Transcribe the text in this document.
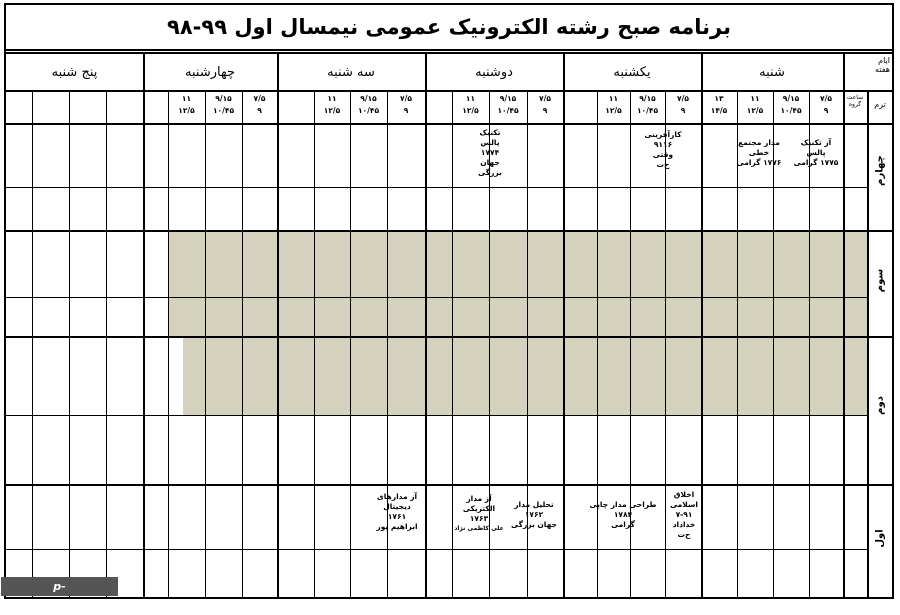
برنامه صبح رشته الکترونیک عمومی نیمسال اول ۹۹-۹۸
ایام
هفته
ساعت
گروه	ترم
شنبه
یکشنبه
دوشنبه
سه شنبه
چهارشنبه
پنج شنبه
۷/۵
۹
۹/۱۵
۱۰/۴۵
۱۱
۱۲/۵
۱۳
۱۴/۵
۷/۵
۹
۹/۱۵
۱۰/۴۵
۱۱
۱۲/۵
۷/۵
۹
۹/۱۵
۱۰/۴۵
۱۱
۱۲/۵
۷/۵
۹
۹/۱۵
۱۰/۴۵
۱۱
۱۲/۵
۷/۵
۹
۹/۱۵
۱۰/۴۵
۱۱
۱۲/۵
چهارم
سوم
دوم
اول
آز تکنیک
پالس
۱۷۷۵ گرامی
مدار مجتمع
خطی
۱۷۷۶ گرامی
کارآفرینی
۹۱۱۶
وقتی
ح‌ت
تکنیک
پالس
۱۷۷۴
جهان
بزرگی
اخلاق
اسلامی
۷-۹۱
خداداد
ح‌ت
طراحی مدار چاپی
۱۷۸۴
گرامی
تحلیل مدار
۱۷۶۲
جهان بزرگی
آز مدار
الکتریکی
۱۷۶۳
علی کاظمی نژاد
آز مدارهای
دیجیتال
۱۷۶۱
ابراهیم پور
p-estahban.nus.ac.ir
